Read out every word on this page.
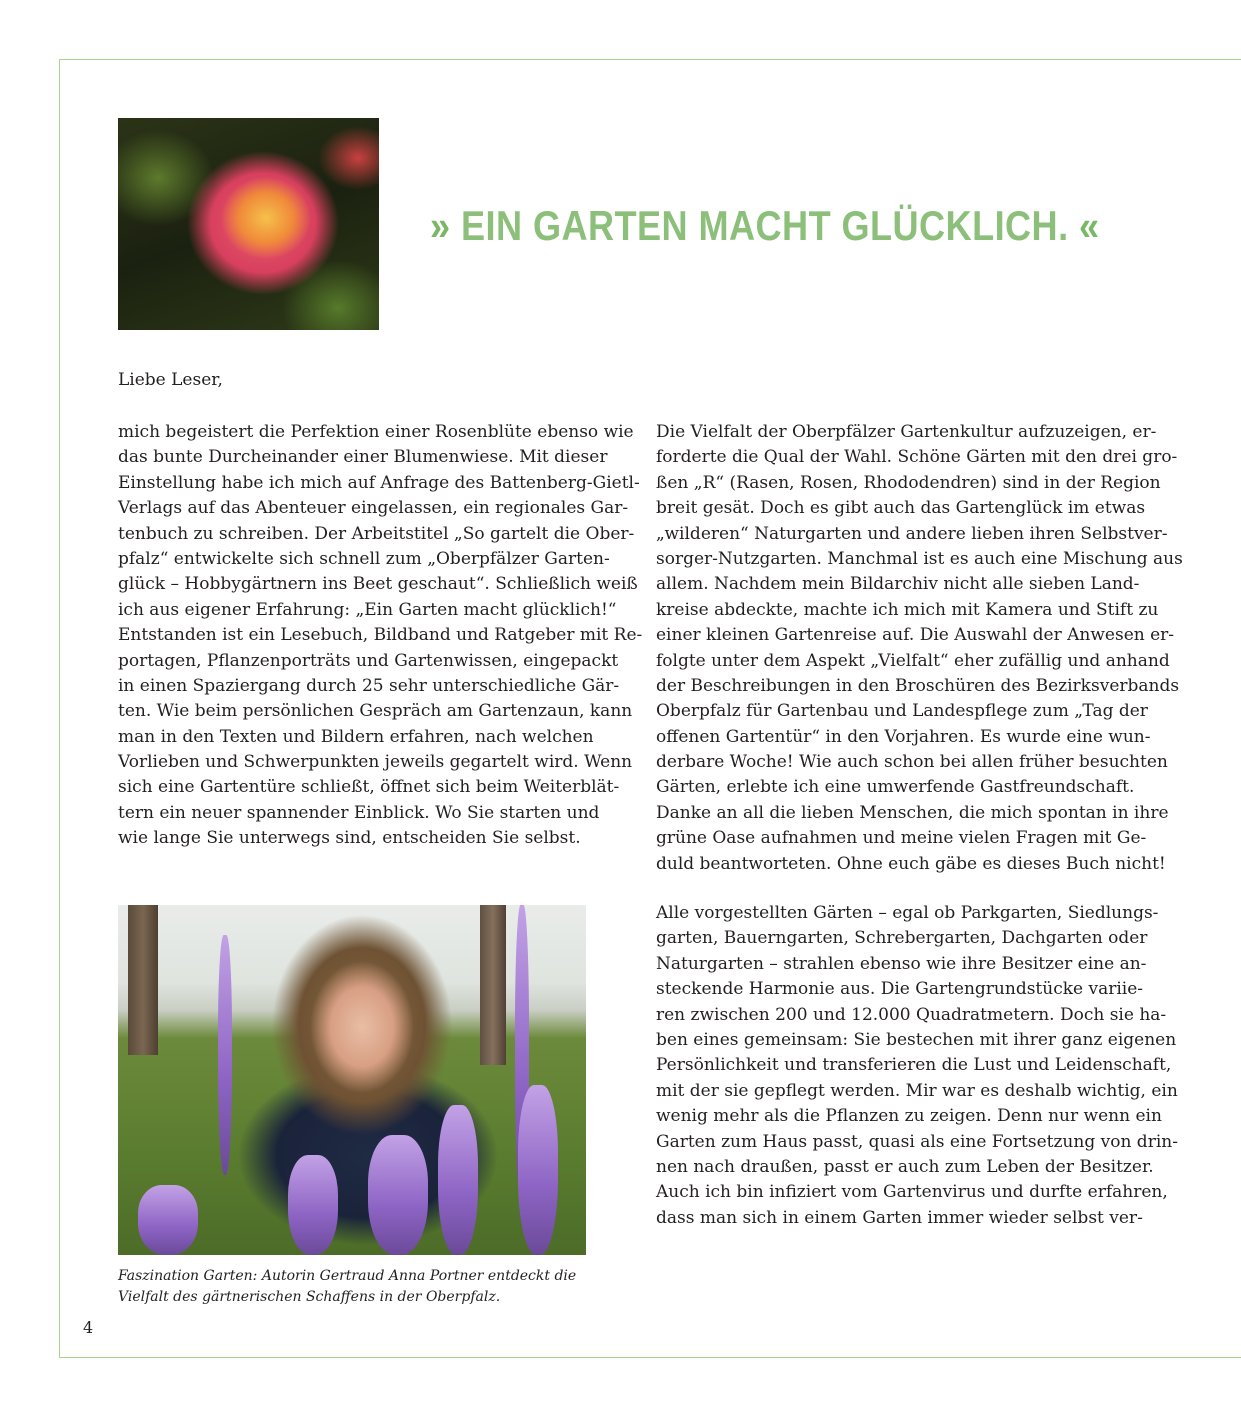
» EIN GARTEN MACHT GLÜCKLICH. «
Liebe Leser,
mich begeistert die Perfektion einer Rosenblüte ebenso wie
das bunte Durcheinander einer Blumenwiese. Mit dieser
Einstellung habe ich mich auf Anfrage des Battenberg-Gietl-
Verlags auf das Abenteuer eingelassen, ein regionales Gar-
tenbuch zu schreiben. Der Arbeitstitel „So gartelt die Ober-
pfalz“ entwickelte sich schnell zum „Oberpfälzer Garten-
glück – Hobbygärtnern ins Beet geschaut“. Schließlich weiß
ich aus eigener Erfahrung: „Ein Garten macht glücklich!“
Entstanden ist ein Lesebuch, Bildband und Ratgeber mit Re-
portagen, Pflanzenporträts und Gartenwissen, eingepackt
in einen Spaziergang durch 25 sehr unterschiedliche Gär-
ten. Wie beim persönlichen Gespräch am Gartenzaun, kann
man in den Texten und Bildern erfahren, nach welchen
Vorlieben und Schwerpunkten jeweils gegartelt wird. Wenn
sich eine Gartentüre schließt, öffnet sich beim Weiterblät-
tern ein neuer spannender Einblick. Wo Sie starten und
wie lange Sie unterwegs sind, entscheiden Sie selbst.
Die Vielfalt der Oberpfälzer Gartenkultur aufzuzeigen, er-
forderte die Qual der Wahl. Schöne Gärten mit den drei gro-
ßen „R“ (Rasen, Rosen, Rhododendren) sind in der Region
breit gesät. Doch es gibt auch das Gartenglück im etwas
„wilderen“ Naturgarten und andere lieben ihren Selbstver-
sorger-Nutzgarten. Manchmal ist es auch eine Mischung aus
allem. Nachdem mein Bildarchiv nicht alle sieben Land-
kreise abdeckte, machte ich mich mit Kamera und Stift zu
einer kleinen Gartenreise auf. Die Auswahl der Anwesen er-
folgte unter dem Aspekt „Vielfalt“ eher zufällig und anhand
der Beschreibungen in den Broschüren des Bezirksverbands
Oberpfalz für Gartenbau und Landespflege zum „Tag der
offenen Gartentür“ in den Vorjahren. Es wurde eine wun-
derbare Woche! Wie auch schon bei allen früher besuchten
Gärten, erlebte ich eine umwerfende Gastfreundschaft.
Danke an all die lieben Menschen, die mich spontan in ihre
grüne Oase aufnahmen und meine vielen Fragen mit Ge-
duld beantworteten. Ohne euch gäbe es dieses Buch nicht!
Alle vorgestellten Gärten – egal ob Parkgarten, Siedlungs-
garten, Bauerngarten, Schrebergarten, Dachgarten oder
Naturgarten – strahlen ebenso wie ihre Besitzer eine an-
steckende Harmonie aus. Die Gartengrundstücke variie-
ren zwischen 200 und 12.000 Quadratmetern. Doch sie ha-
ben eines gemeinsam: Sie bestechen mit ihrer ganz eigenen
Persönlichkeit und transferieren die Lust und Leidenschaft,
mit der sie gepflegt werden. Mir war es deshalb wichtig, ein
wenig mehr als die Pflanzen zu zeigen. Denn nur wenn ein
Garten zum Haus passt, quasi als eine Fortsetzung von drin-
nen nach draußen, passt er auch zum Leben der Besitzer.
Auch ich bin infiziert vom Gartenvirus und durfte erfahren,
dass man sich in einem Garten immer wieder selbst ver-
Faszination Garten: Autorin Gertraud Anna Portner entdeckt die
Vielfalt des gärtnerischen Schaffens in der Oberpfalz.
4
